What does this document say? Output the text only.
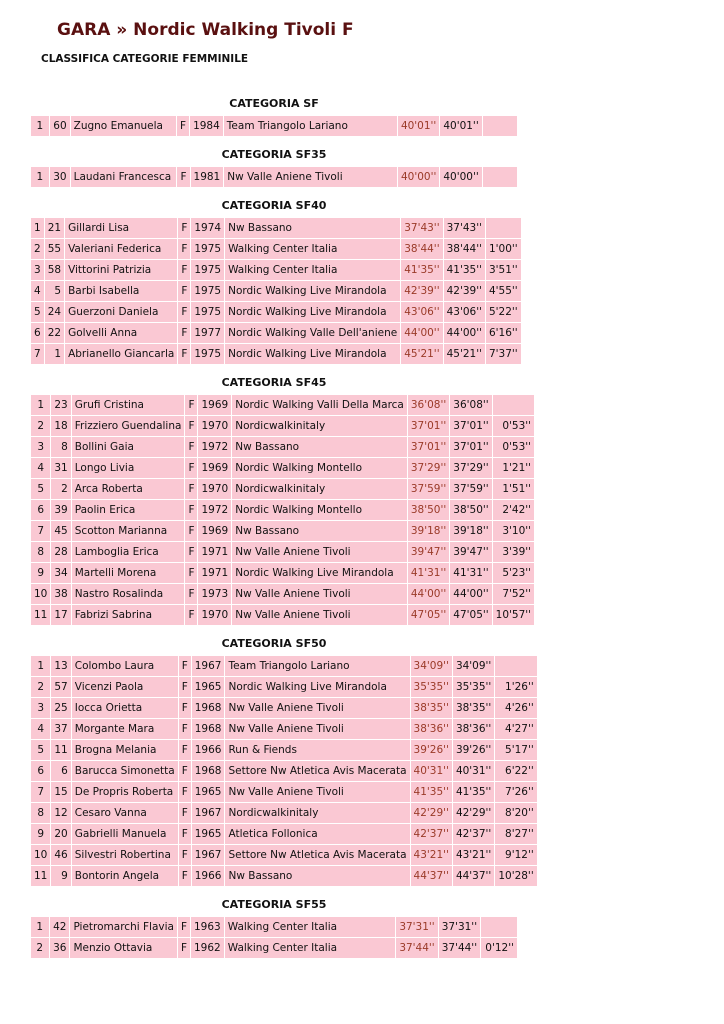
GARA » Nordic Walking Tivoli F
CLASSIFICA CATEGORIE FEMMINILE
CATEGORIA SF
1	60	Zugno Emanuela	F	1984	Team Triangolo Lariano	40'01''	40'01''	
CATEGORIA SF35
1	30	Laudani Francesca	F	1981	Nw Valle Aniene Tivoli	40'00''	40'00''	
CATEGORIA SF40
1	21	Gillardi Lisa	F	1974	Nw Bassano	37'43''	37'43''	
2	55	Valeriani Federica	F	1975	Walking Center Italia	38'44''	38'44''	1'00''
3	58	Vittorini Patrizia	F	1975	Walking Center Italia	41'35''	41'35''	3'51''
4	5	Barbi Isabella	F	1975	Nordic Walking Live Mirandola	42'39''	42'39''	4'55''
5	24	Guerzoni Daniela	F	1975	Nordic Walking Live Mirandola	43'06''	43'06''	5'22''
6	22	Golvelli Anna	F	1977	Nordic Walking Valle Dell'aniene	44'00''	44'00''	6'16''
7	1	Abrianello Giancarla	F	1975	Nordic Walking Live Mirandola	45'21''	45'21''	7'37''
CATEGORIA SF45
1	23	Grufi Cristina	F	1969	Nordic Walking Valli Della Marca	36'08''	36'08''	
2	18	Frizziero Guendalina	F	1970	Nordicwalkinitaly	37'01''	37'01''	0'53''
3	8	Bollini Gaia	F	1972	Nw Bassano	37'01''	37'01''	0'53''
4	31	Longo Livia	F	1969	Nordic Walking Montello	37'29''	37'29''	1'21''
5	2	Arca Roberta	F	1970	Nordicwalkinitaly	37'59''	37'59''	1'51''
6	39	Paolin Erica	F	1972	Nordic Walking Montello	38'50''	38'50''	2'42''
7	45	Scotton Marianna	F	1969	Nw Bassano	39'18''	39'18''	3'10''
8	28	Lamboglia Erica	F	1971	Nw Valle Aniene Tivoli	39'47''	39'47''	3'39''
9	34	Martelli Morena	F	1971	Nordic Walking Live Mirandola	41'31''	41'31''	5'23''
10	38	Nastro Rosalinda	F	1973	Nw Valle Aniene Tivoli	44'00''	44'00''	7'52''
11	17	Fabrizi Sabrina	F	1970	Nw Valle Aniene Tivoli	47'05''	47'05''	10'57''
CATEGORIA SF50
1	13	Colombo Laura	F	1967	Team Triangolo Lariano	34'09''	34'09''	
2	57	Vicenzi Paola	F	1965	Nordic Walking Live Mirandola	35'35''	35'35''	1'26''
3	25	Iocca Orietta	F	1968	Nw Valle Aniene Tivoli	38'35''	38'35''	4'26''
4	37	Morgante Mara	F	1968	Nw Valle Aniene Tivoli	38'36''	38'36''	4'27''
5	11	Brogna Melania	F	1966	Run & Fiends	39'26''	39'26''	5'17''
6	6	Barucca Simonetta	F	1968	Settore Nw Atletica Avis Macerata	40'31''	40'31''	6'22''
7	15	De Propris Roberta	F	1965	Nw Valle Aniene Tivoli	41'35''	41'35''	7'26''
8	12	Cesaro Vanna	F	1967	Nordicwalkinitaly	42'29''	42'29''	8'20''
9	20	Gabrielli Manuela	F	1965	Atletica Follonica	42'37''	42'37''	8'27''
10	46	Silvestri Robertina	F	1967	Settore Nw Atletica Avis Macerata	43'21''	43'21''	9'12''
11	9	Bontorin Angela	F	1966	Nw Bassano	44'37''	44'37''	10'28''
CATEGORIA SF55
1	42	Pietromarchi Flavia	F	1963	Walking Center Italia	37'31''	37'31''	
2	36	Menzio Ottavia	F	1962	Walking Center Italia	37'44''	37'44''	0'12''
